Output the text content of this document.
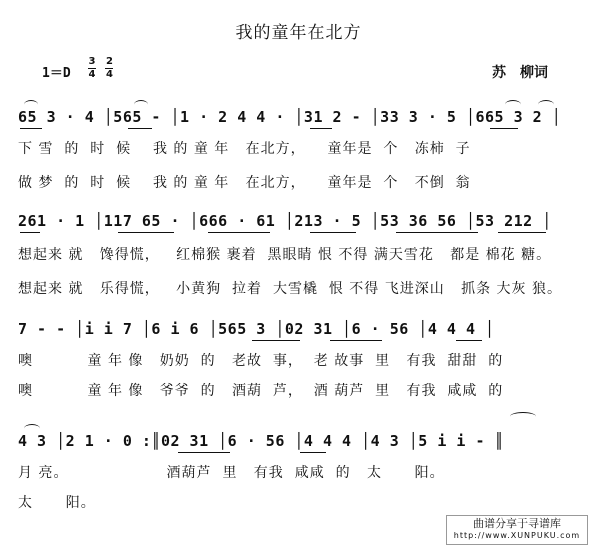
我的童年在北方
$1=D \frac{3}{4}$
$\frac{2}{4}$	苏　柳词
65 3 · 4 │565 - │1 · 2 4 4 · │31 2 - │33 3 · 5 │665 3 2 │
下 雪  的  时  候    我 的 童 年   在北方，    童年是  个   冻柿  子
做 梦  的  时  候    我 的 童 年   在北方，    童年是  个   不倒  翁
261 · 1 │117 65 · │666 · 61 │213 · 5 │53 36 56 │53 212 │
想起来 就   馋得慌，   红棉猴 裹着  黑眼睛 恨 不得 满天雪花   都是 棉花 糖。
想起来 就   乐得慌，   小黄狗  拉着  大雪橇  恨 不得 飞进深山   抓条 大灰 狼。
7 - - │i i 7 │6 i 6 │565 3 │02 31 │6 · 56 │4 4 4 │
噢          童 年 像   奶奶  的   老故  事，  老 故事  里   有我  甜甜  的
噢          童 年 像   爷爷  的   酒葫  芦，  酒 葫芦  里   有我  咸咸  的
4 3 │2 1 · 0 :║02 31 │6 · 56 │4 4 4 │4 3 │5 i i - ║
月 亮。                  酒葫芦  里   有我  咸咸  的   太      阳。
太      阳。
曲谱分享于寻谱库
http://www.XUNPUKU.com
